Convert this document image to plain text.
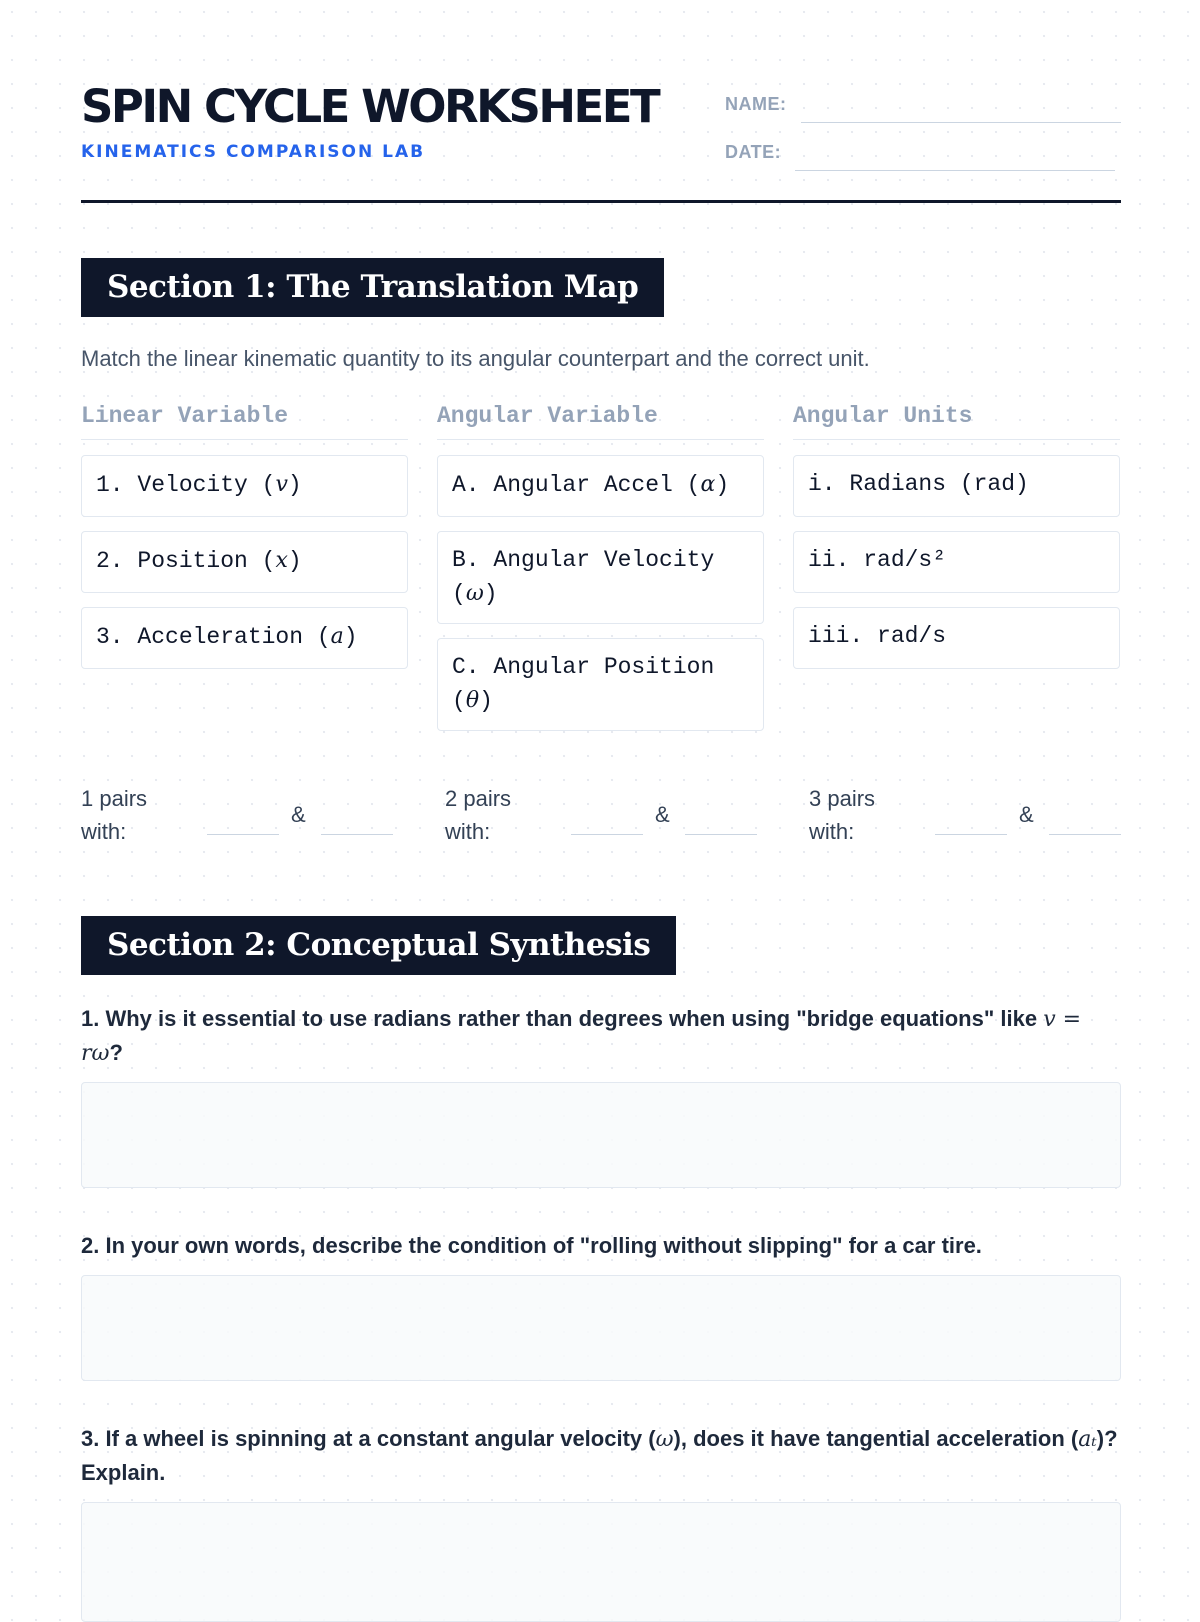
SPIN CYCLE WORKSHEET
KINEMATICS COMPARISON LAB
NAME:
DATE:
Section 1: The Translation Map
Match the linear kinematic quantity to its angular counterpart and the correct unit.
Linear Variable
1. Velocity (v)
2. Position (x)
3. Acceleration (a)
Angular Variable
A. Angular Accel (α)
B. Angular Velocity (ω)
C. Angular Position (θ)
Angular Units
i. Radians (rad)
ii. rad/s²
iii. rad/s
1 pairs with:
&
2 pairs with:
&
3 pairs with:
&
Section 2: Conceptual Synthesis
1. Why is it essential to use radians rather than degrees when using "bridge equations" like v = rω?
2. In your own words, describe the condition of "rolling without slipping" for a car tire.
3. If a wheel is spinning at a constant angular velocity (ω), does it have tangential acceleration (aₜ)? Explain.
